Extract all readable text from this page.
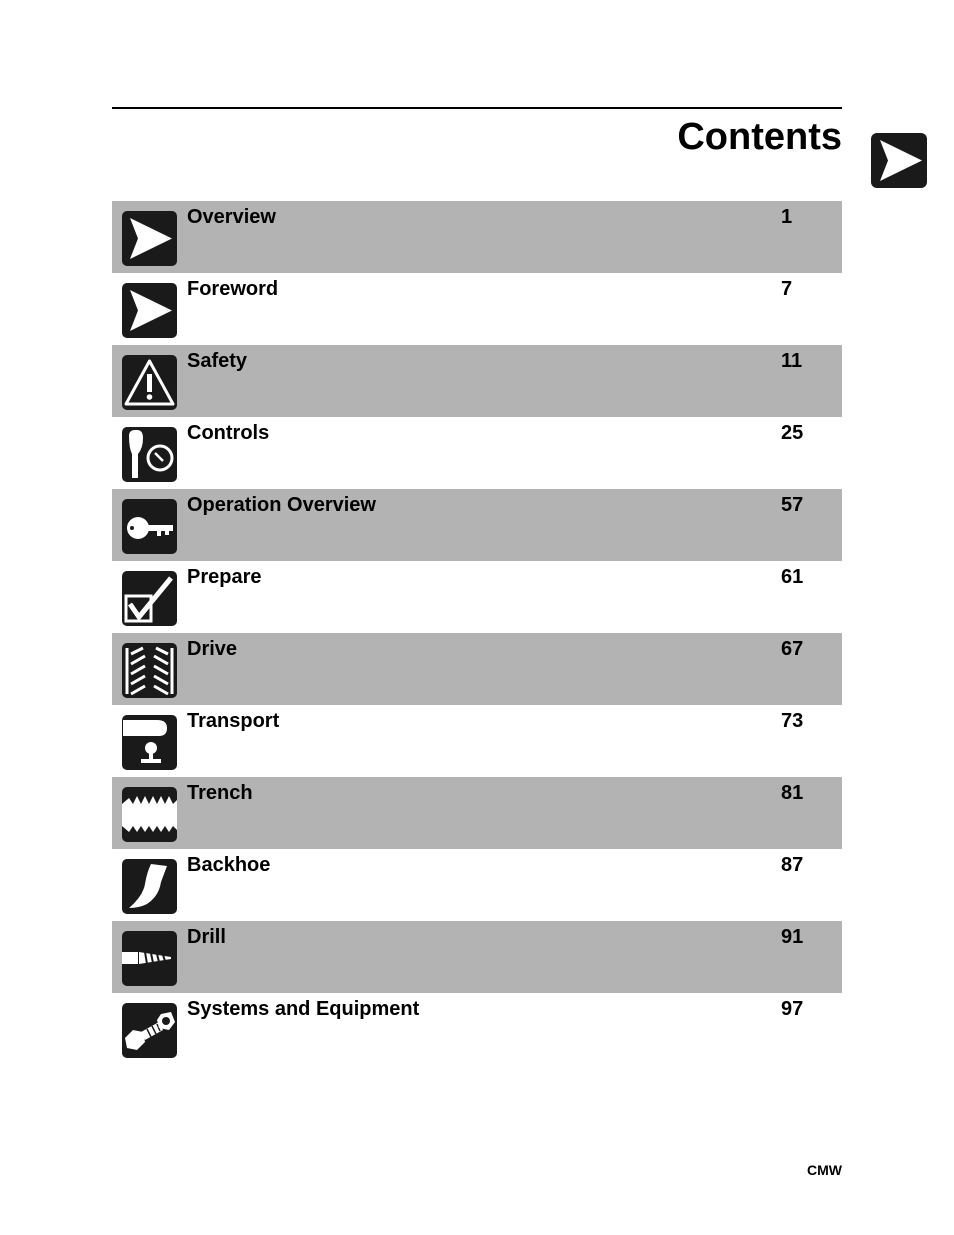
Contents
Overview	1
Foreword	7
Safety	11
Controls	25
Operation Overview	57
Prepare	61
Drive	67
Transport	73
Trench	81
Backhoe	87
Drill	91
Systems and Equipment	97
CMW
